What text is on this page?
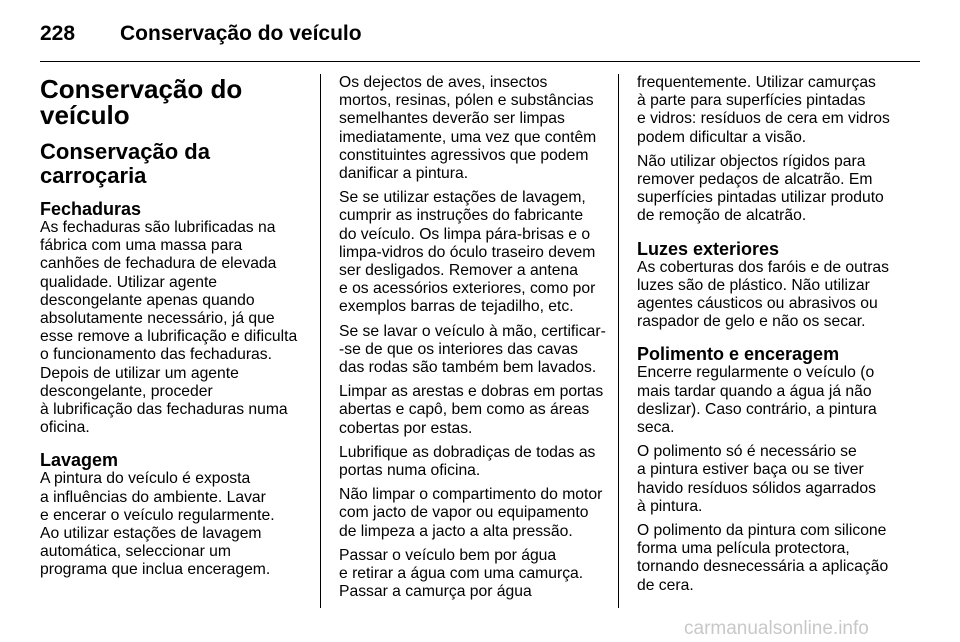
228 Conservação do veículo
Conservação do
veículo
Conservação da
carroçaria
Fechaduras
As fechaduras são lubrificadas na
fábrica com uma massa para
canhões de fechadura de elevada
qualidade. Utilizar agente
descongelante apenas quando
absolutamente necessário, já que
esse remove a lubrificação e dificulta
o funcionamento das fechaduras.
Depois de utilizar um agente
descongelante, proceder
à lubrificação das fechaduras numa
oficina.
Lavagem
A pintura do veículo é exposta
a influências do ambiente. Lavar
e encerar o veículo regularmente.
Ao utilizar estações de lavagem
automática, seleccionar um
programa que inclua enceragem.
Os dejectos de aves, insectos
mortos, resinas, pólen e substâncias
semelhantes deverão ser limpas
imediatamente, uma vez que contêm
constituintes agressivos que podem
danificar a pintura.
Se se utilizar estações de lavagem,
cumprir as instruções do fabricante
do veículo. Os limpa pára-brisas e o
limpa-vidros do óculo traseiro devem
ser desligados. Remover a antena
e os acessórios exteriores, como por
exemplos barras de tejadilho, etc.
Se se lavar o veículo à mão, certificar-
-se de que os interiores das cavas
das rodas são também bem lavados.
Limpar as arestas e dobras em portas
abertas e capô, bem como as áreas
cobertas por estas.
Lubrifique as dobradiças de todas as
portas numa oficina.
Não limpar o compartimento do motor
com jacto de vapor ou equipamento
de limpeza a jacto a alta pressão.
Passar o veículo bem por água
e retirar a água com uma camurça.
Passar a camurça por água
frequentemente. Utilizar camurças
à parte para superfícies pintadas
e vidros: resíduos de cera em vidros
podem dificultar a visão.
Não utilizar objectos rígidos para
remover pedaços de alcatrão. Em
superfícies pintadas utilizar produto
de remoção de alcatrão.
Luzes exteriores
As coberturas dos faróis e de outras
luzes são de plástico. Não utilizar
agentes cáusticos ou abrasivos ou
raspador de gelo e não os secar.
Polimento e enceragem
Encerre regularmente o veículo (o
mais tardar quando a água já não
deslizar). Caso contrário, a pintura
seca.
O polimento só é necessário se
a pintura estiver baça ou se tiver
havido resíduos sólidos agarrados
à pintura.
O polimento da pintura com silicone
forma uma película protectora,
tornando desnecessária a aplicação
de cera.
carmanualsonline.info
